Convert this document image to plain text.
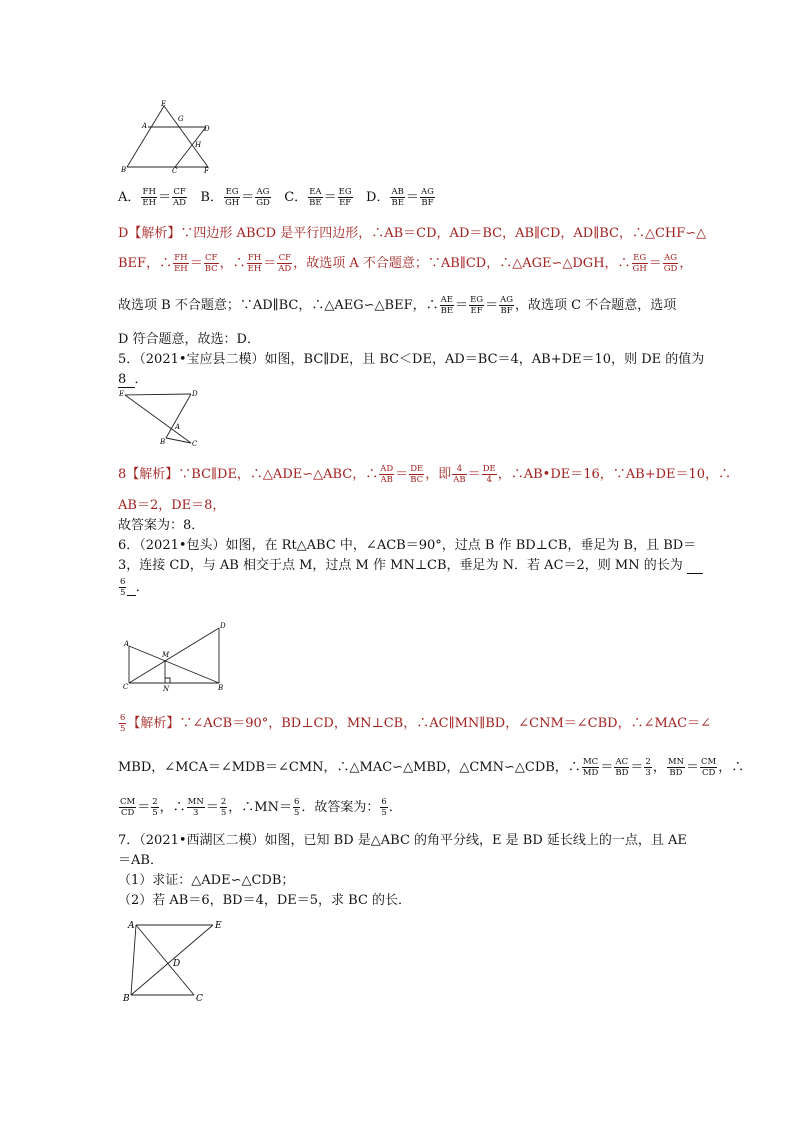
E
A
G
D
H
B	C	F
A． $\frac{FH}{EH} = \frac{CF}{AD}$ B． $\frac{EG}{GH} = \frac{AG}{GD}$ C． $\frac{EA}{BE} = \frac{EG}{EF}$ D． $\frac{AB}{BE} = \frac{AG}{BF}$
D【解析】∵四边形 ABCD 是平行四边形，∴AB＝CD，AD＝BC，AB∥CD，AD∥BC，∴△CHF∽△
BEF，∴ $\frac{FH}{EH} = \frac{CF}{BC}$ ，∴ $\frac{FH}{EH} = \frac{CF}{AD}$ ，故选项 A 不合题意；∵AB∥CD，∴△AGE∽△DGH，∴ $\frac{EG}{GH} = \frac{AG}{GD}$ ，
故选项 B 不合题意；∵AD∥BC，∴△AEG∽△BEF，∴ $\frac{AE}{BE} = \frac{EG}{EF} = \frac{AG}{BF}$ ，故选项 C 不合题意，选项
D 符合题意，故选：D．
5．（2021•宝应县二模）如图，BC∥DE，且 BC＜DE，AD＝BC＝4，AB+DE＝10，则 DE 的值为
8 ．
E	D
A
B	C
8【解析】∵BC∥DE，∴△ADE∽△ABC，∴ $\frac{AD}{AB} = \frac{DE}{BC}$ ，即 $\frac{4}{AB} = \frac{DE}{4}$ ，∴AB•DE＝16，∵AB+DE＝10，∴
AB＝2，DE＝8，
故答案为：8．
6．（2021•包头）如图，在 Rt△ABC 中，∠ACB＝90°，过点 B 作 BD⊥CB，垂足为 B，且 BD＝
3，连接 CD，与 AB 相交于点 M，过点 M 作 MN⊥CB，垂足为 N．若 AC＝2，则 MN 的长为
$\frac{6}{5}$ ．
A
D
M
C	N	B
$\frac{6}{5}$ 【解析】∵∠ACB＝90°，BD⊥CD，MN⊥CB，∴AC∥MN∥BD，∠CNM＝∠CBD，∴∠MAC＝∠
MBD，∠MCA＝∠MDB＝∠CMN，∴△MAC∽△MBD，△CMN∽△CDB，∴ $\frac{MC}{MD} = \frac{AC}{BD} = \frac{2}{3}$ ， $\frac{MN}{BD} = \frac{CM}{CD}$ ，∴
$\frac{CM}{CD} = \frac{2}{5}$ ，∴ $\frac{MN}{3} = \frac{2}{5}$ ，∴MN＝ $\frac{6}{5}$ ．故答案为： $\frac{6}{5}$ ．
7．（2021•西湖区二模）如图，已知 BD 是△ABC 的角平分线，E 是 BD 延长线上的一点，且 AE
＝AB．
（1）求证：△ADE∽△CDB；
（2）若 AB＝6，BD＝4，DE＝5，求 BC 的长．
A	E
D
B	C
